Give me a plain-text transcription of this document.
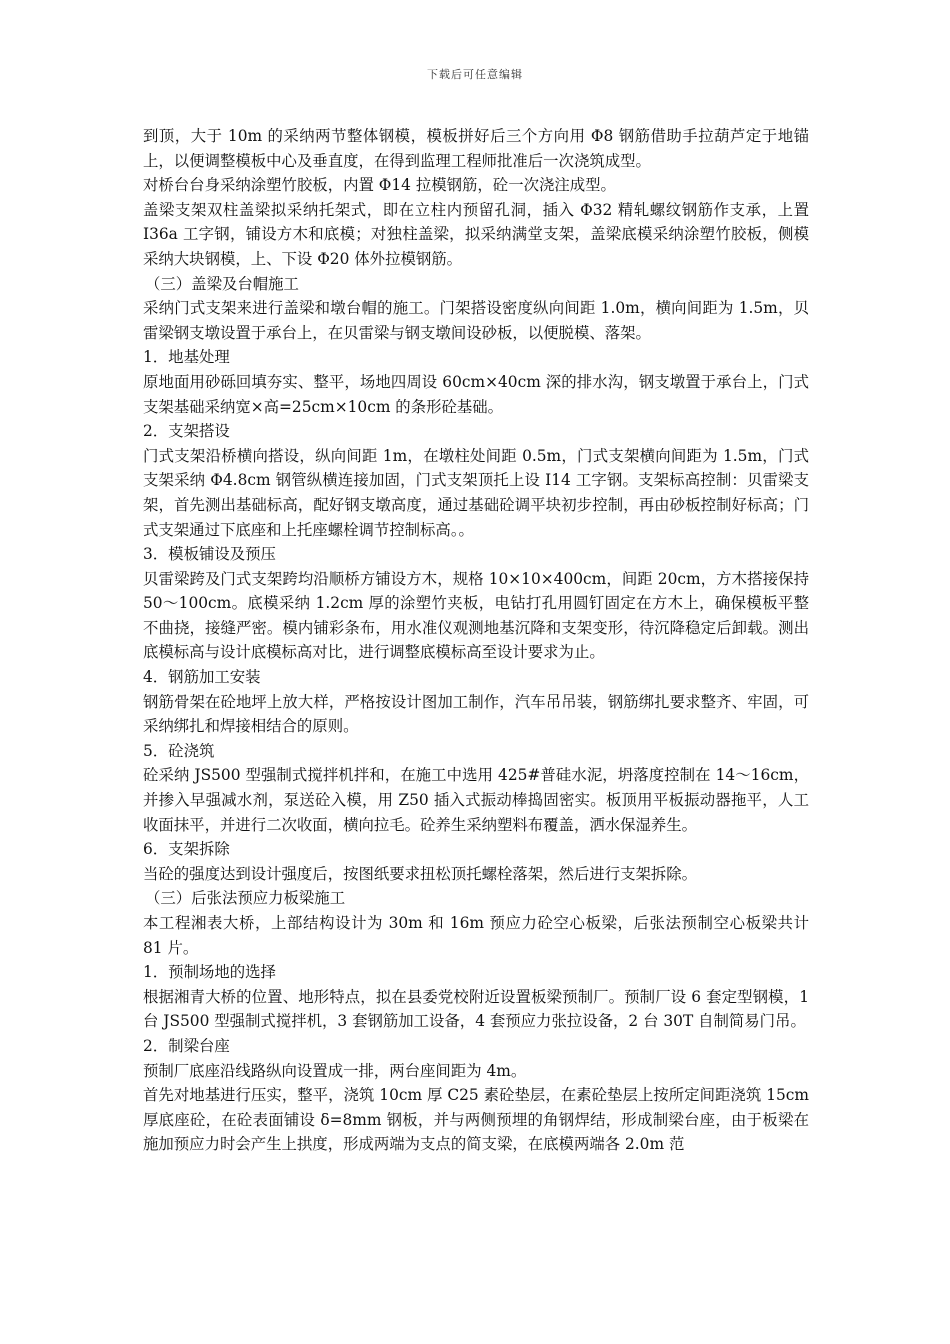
下载后可任意编辑

到顶，大于 10m 的采纳两节整体钢模，模板拼好后三个方向用 Φ8 钢筋借助手拉葫芦定于地锚上，以便调整模板中心及垂直度，在得到监理工程师批准后一次浇筑成型。

对桥台台身采纳涂塑竹胶板，内置 Φ14 拉模钢筋，砼一次浇注成型。

盖梁支架双柱盖梁拟采纳托架式，即在立柱内预留孔洞，插入 Φ32 精轧螺纹钢筋作支承，上置 I36a 工字钢，铺设方木和底模；对独柱盖梁，拟采纳满堂支架，盖梁底模采纳涂塑竹胶板，侧模采纳大块钢模，上、下设 Φ20 体外拉模钢筋。

（三）盖梁及台帽施工

采纳门式支架来进行盖梁和墩台帽的施工。门架搭设密度纵向间距 1.0m，横向间距为 1.5m，贝雷梁钢支墩设置于承台上，在贝雷梁与钢支墩间设砂板，以便脱模、落架。

1．地基处理

原地面用砂砾回填夯实、整平，场地四周设 60cm×40cm 深的排水沟，钢支墩置于承台上，门式支架基础采纳宽×高=25cm×10cm 的条形砼基础。

2．支架搭设

门式支架沿桥横向搭设，纵向间距 1m，在墩柱处间距 0.5m，门式支架横向间距为 1.5m，门式支架采纳 Φ4.8cm 钢管纵横连接加固，门式支架顶托上设 I14 工字钢。支架标高控制：贝雷梁支架，首先测出基础标高，配好钢支墩高度，通过基础砼调平块初步控制，再由砂板控制好标高；门式支架通过下底座和上托座螺栓调节控制标高。。

3．模板铺设及预压

贝雷梁跨及门式支架跨均沿顺桥方铺设方木，规格 10×10×400cm，间距 20cm，方木搭接保持 50～100cm。底模采纳 1.2cm 厚的涂塑竹夹板，电钻打孔用圆钉固定在方木上，确保模板平整不曲挠，接缝严密。模内铺彩条布，用水准仪观测地基沉降和支架变形，待沉降稳定后卸载。测出底模标高与设计底模标高对比，进行调整底模标高至设计要求为止。

4．钢筋加工安装

钢筋骨架在砼地坪上放大样，严格按设计图加工制作，汽车吊吊装，钢筋绑扎要求整齐、牢固，可采纳绑扎和焊接相结合的原则。

5．砼浇筑

砼采纳 JS500 型强制式搅拌机拌和，在施工中选用 425#普硅水泥，坍落度控制在 14～16cm，并掺入早强减水剂，泵送砼入模，用 Z50 插入式振动棒捣固密实。板顶用平板振动器拖平，人工收面抹平，并进行二次收面，横向拉毛。砼养生采纳塑料布覆盖，洒水保湿养生。

6．支架拆除

当砼的强度达到设计强度后，按图纸要求扭松顶托螺栓落架，然后进行支架拆除。

（三）后张法预应力板梁施工

本工程湘表大桥，上部结构设计为 30m 和 16m 预应力砼空心板梁，后张法预制空心板梁共计 81 片。

1．预制场地的选择

根据湘青大桥的位置、地形特点，拟在县委党校附近设置板梁预制厂。预制厂设 6 套定型钢模，1 台 JS500 型强制式搅拌机，3 套钢筋加工设备，4 套预应力张拉设备，2 台 30T 自制简易门吊。

2．制梁台座

预制厂底座沿线路纵向设置成一排，两台座间距为 4m。

首先对地基进行压实，整平，浇筑 10cm 厚 C25 素砼垫层，在素砼垫层上按所定间距浇筑 15cm 厚底座砼，在砼表面铺设 δ=8mm 钢板，并与两侧预埋的角钢焊结，形成制梁台座，由于板梁在施加预应力时会产生上拱度，形成两端为支点的简支梁，在底模两端各 2.0m 范
